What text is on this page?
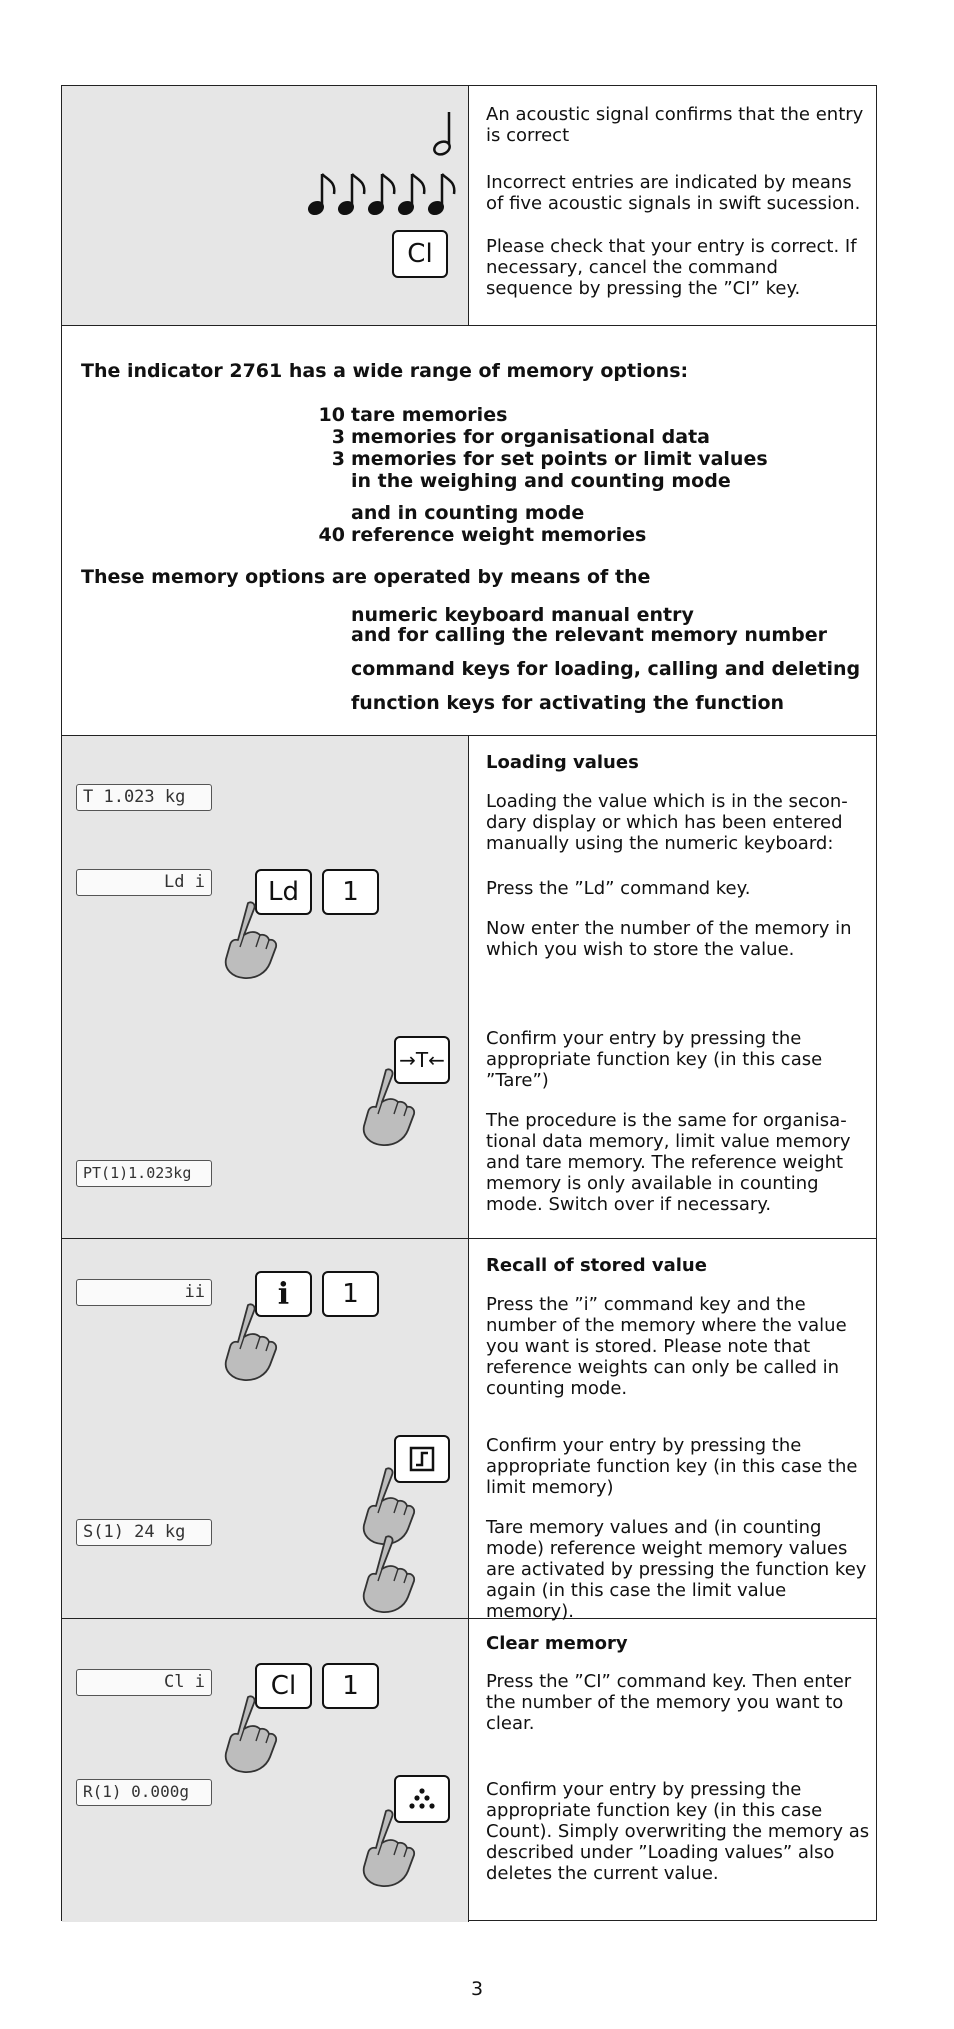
Cl

An acoustic signal confirms that the entry is correct

Incorrect entries are indicated by means of five acoustic signals in swift sucession.

Please check that your entry is correct. If necessary, cancel the command sequence by pressing the ”CI” key.

The indicator 2761 has a wide range of memory options:

10 tare memories

3 memories for organisational data

3 memories for set points or limit values

in the weighing and counting mode

and in counting mode

40 reference weight memories

These memory options are operated by means of the

numeric keyboard manual entry

and for calling the relevant memory number

command keys for loading, calling and deleting

function keys for activating the function

T 1.023 kg
Ld i	Ld	1
→T←
PT(1)1.023kg

Loading values

Loading the value which is in the secon-dary display or which has been entered manually using the numeric keyboard:

Press the ”Ld” command key.

Now enter the number of the memory in which you wish to store the value.

Confirm your entry by pressing the appropriate function key (in this case ”Tare”)

The procedure is the same for organisa-tional data memory, limit value memory and tare memory. The reference weight memory is only available in counting mode. Switch over if necessary.

ii	i	1
S(1) 24 kg

Recall of stored value

Press the ”i” command key and the number of the memory where the value you want is stored. Please note that reference weights can only be called in counting mode.

Confirm your entry by pressing the appropriate function key (in this case the limit memory)

Tare memory values and (in counting mode) reference weight memory values are activated by pressing the function key again (in this case the limit value memory).

Cl i	Cl	1
R(1) 0.000g

Clear memory

Press the ”CI” command key. Then enter the number of the memory you want to clear.

Confirm your entry by pressing the appropriate function key (in this case Count). Simply overwriting the memory as described under ”Loading values” also deletes the current value.

3
